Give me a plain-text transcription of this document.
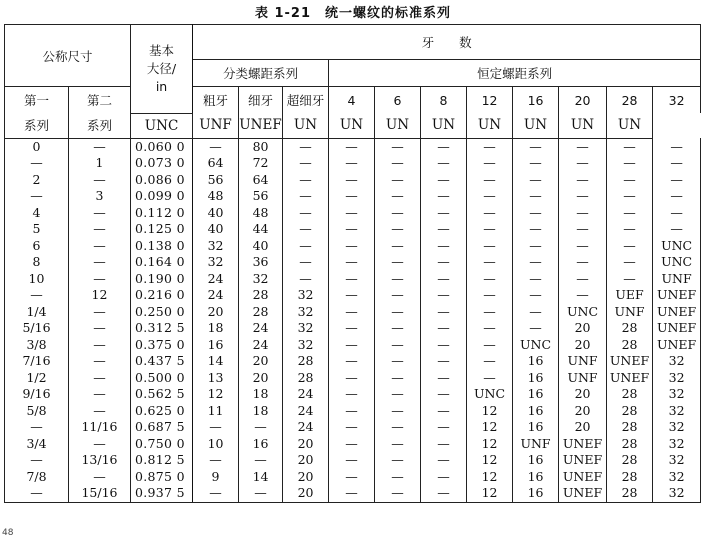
表 1-21　统一螺纹的标准系列
公称尺寸		基本
大径/
in	牙　　数										
			分类螺距系列			恒定螺距系列							
第一	第二		粗牙	细牙	超细牙	4	6	8	12	16	20	28	32
系列	系列	UNC	UNF	UNEF	UN	UN	UN	UN	UN	UN	UN	UN	
0	—	0.060 0	—	80	—	—	—	—	—	—	—	—	—
—	1	0.073 0	64	72	—	—	—	—	—	—	—	—	—
2	—	0.086 0	56	64	—	—	—	—	—	—	—	—	—
—	3	0.099 0	48	56	—	—	—	—	—	—	—	—	—
4	—	0.112 0	40	48	—	—	—	—	—	—	—	—	—
5	—	0.125 0	40	44	—	—	—	—	—	—	—	—	—
6	—	0.138 0	32	40	—	—	—	—	—	—	—	—	UNC
8	—	0.164 0	32	36	—	—	—	—	—	—	—	—	UNC
10	—	0.190 0	24	32	—	—	—	—	—	—	—	—	UNF
—	12	0.216 0	24	28	32	—	—	—	—	—	—	UEF	UNEF
1/4	—	0.250 0	20	28	32	—	—	—	—	—	UNC	UNF	UNEF
5/16	—	0.312 5	18	24	32	—	—	—	—	—	20	28	UNEF
3/8	—	0.375 0	16	24	32	—	—	—	—	UNC	20	28	UNEF
7/16	—	0.437 5	14	20	28	—	—	—	—	16	UNF	UNEF	32
1/2	—	0.500 0	13	20	28	—	—	—	—	16	UNF	UNEF	32
9/16	—	0.562 5	12	18	24	—	—	—	UNC	16	20	28	32
5/8	—	0.625 0	11	18	24	—	—	—	12	16	20	28	32
—	11/16	0.687 5	—	—	24	—	—	—	12	16	20	28	32
3/4	—	0.750 0	10	16	20	—	—	—	12	UNF	UNEF	28	32
—	13/16	0.812 5	—	—	20	—	—	—	12	16	UNEF	28	32
7/8	—	0.875 0	9	14	20	—	—	—	12	16	UNEF	28	32
—	15/16	0.937 5	—	—	20	—	—	—	12	16	UNEF	28	32
48
